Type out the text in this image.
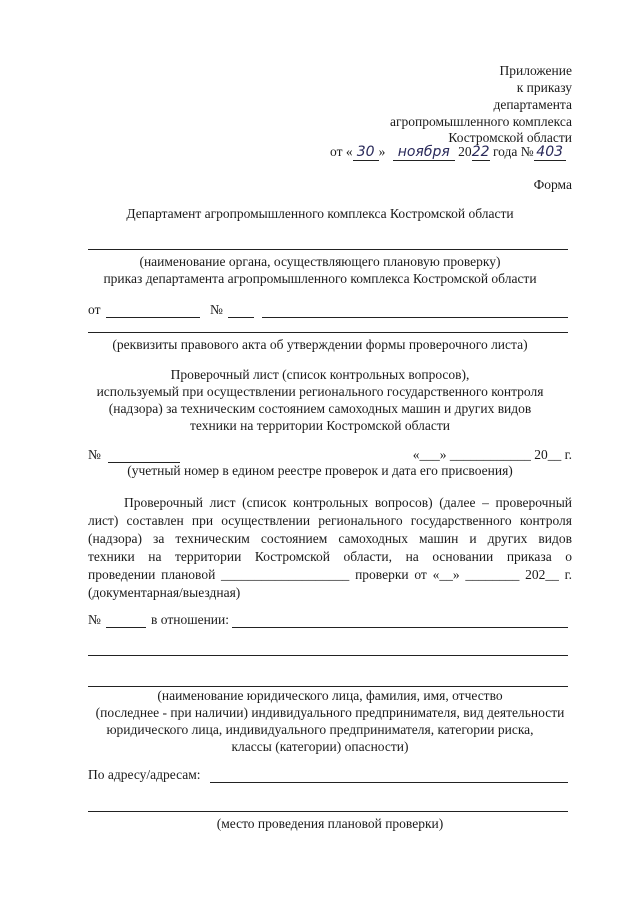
Приложение
к приказу
департамента
агропромышленного комплекса
Костромской области
от « 30 » ноября 2022 года № 403
Форма
Департамент агропромышленного комплекса Костромской области
(наименование органа, осуществляющего плановую проверку)
приказ департамента агропромышленного комплекса Костромской области
от	№
(реквизиты правового акта об утверждении формы проверочного листа)
Проверочный лист (список контрольных вопросов),
используемый при осуществлении регионального государственного контроля
(надзора) за техническим состоянием самоходных машин и других видов
техники на территории Костромской области
№	«___» ____________ 20__ г.
(учетный номер в едином реестре проверок и дата его присвоения)
Проверочный лист (список контрольных вопросов) (далее – проверочный
лист) составлен при осуществлении регионального государственного контроля
(надзора) за техническим состоянием самоходных машин и других видов
техники на территории Костромской области, на основании приказа о
проведении плановой ___________________ проверки от «__» ________ 202__ г.
(документарная/выездная)
№	в отношении:
(наименование юридического лица, фамилия, имя, отчество
(последнее - при наличии) индивидуального предпринимателя, вид деятельности
юридического лица, индивидуального предпринимателя, категории риска,
классы (категории) опасности)
По адресу/адресам:
(место проведения плановой проверки)
